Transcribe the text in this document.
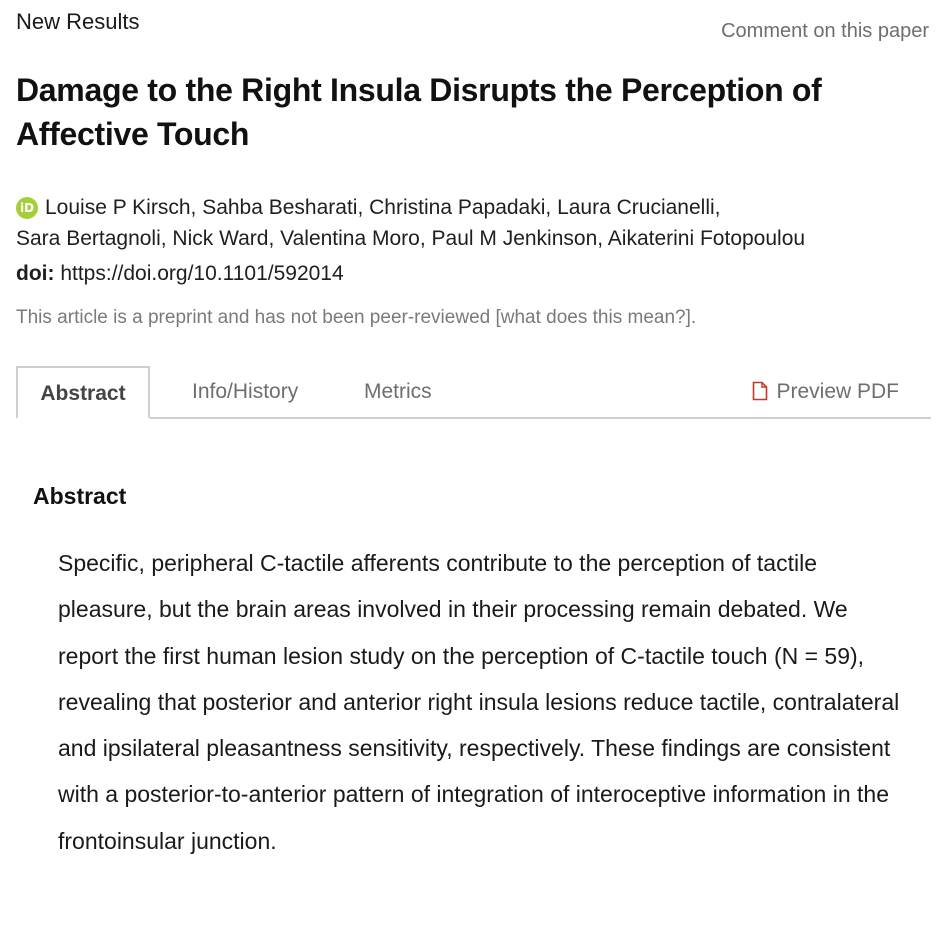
New Results	Comment on this paper
Damage to the Right Insula Disrupts the Perception of Affective Touch
iD Louise P Kirsch, Sahba Besharati, Christina Papadaki, Laura Crucianelli,
Sara Bertagnoli, Nick Ward, Valentina Moro, Paul M Jenkinson, Aikaterini Fotopoulou
doi: https://doi.org/10.1101/592014
This article is a preprint and has not been peer-reviewed [what does this mean?].
Abstract	Info/History	Metrics	Preview PDF
Abstract

Specific, peripheral C-tactile afferents contribute to the perception of tactile pleasure, but the brain areas involved in their processing remain debated. We report the first human lesion study on the perception of C-tactile touch (N = 59), revealing that posterior and anterior right insula lesions reduce tactile, contralateral and ipsilateral pleasantness sensitivity, respectively. These findings are consistent with a posterior-to-anterior pattern of integration of interoceptive information in the frontoinsular junction.
